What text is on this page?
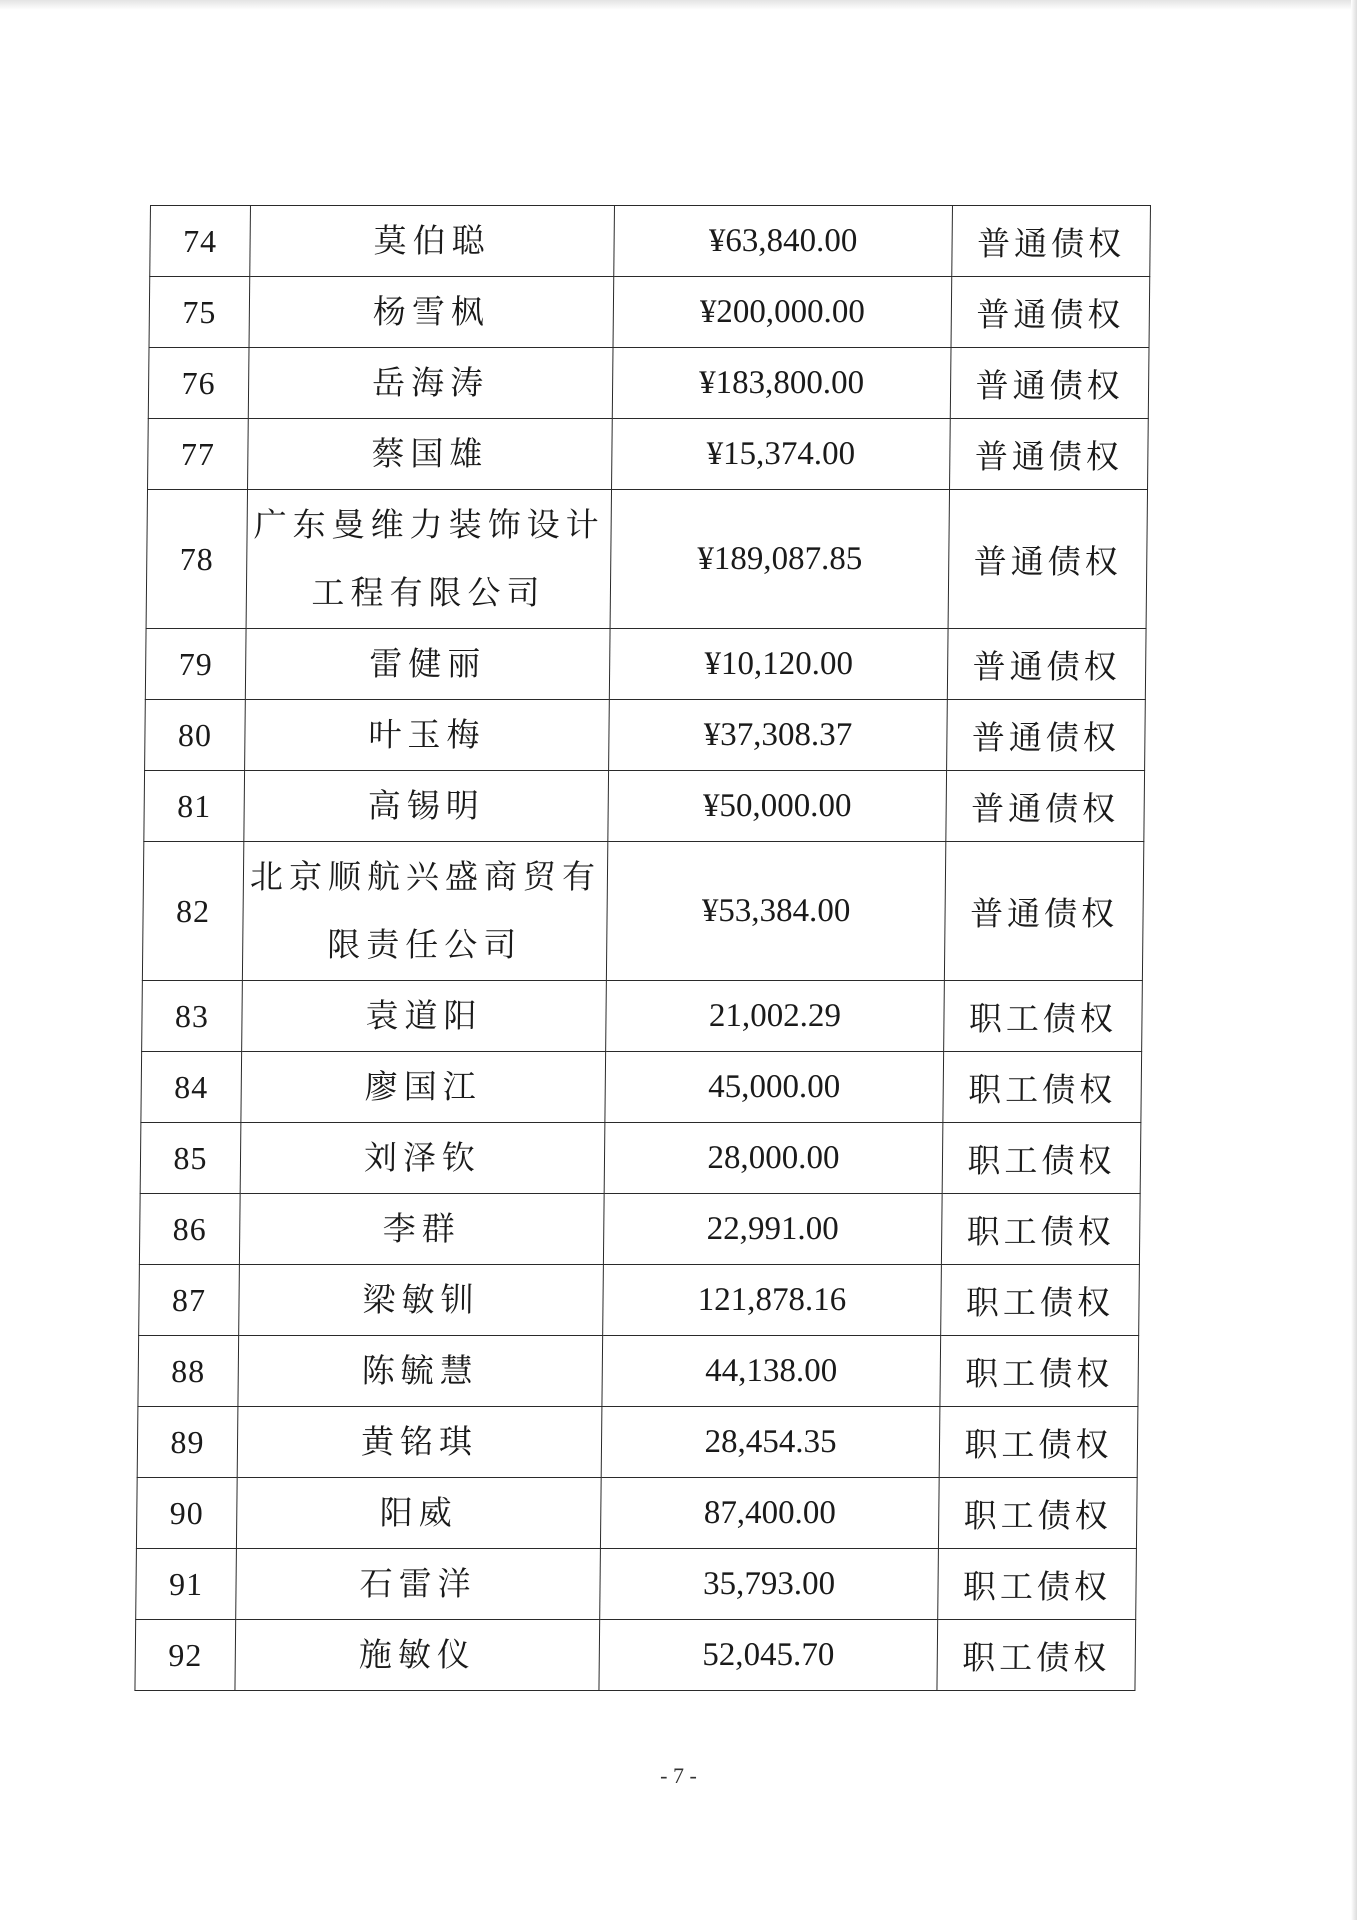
74	莫伯聪	¥63,840.00	普通债权
75	杨雪枫	¥200,000.00	普通债权
76	岳海涛	¥183,800.00	普通债权
77	蔡国雄	¥15,374.00	普通债权
78	广东曼维力装饰设计工程有限公司	¥189,087.85	普通债权
79	雷健丽	¥10,120.00	普通债权
80	叶玉梅	¥37,308.37	普通债权
81	高锡明	¥50,000.00	普通债权
82	北京顺航兴盛商贸有限责任公司	¥53,384.00	普通债权
83	袁道阳	21,002.29	职工债权
84	廖国江	45,000.00	职工债权
85	刘泽钦	28,000.00	职工债权
86	李群	22,991.00	职工债权
87	梁敏钏	121,878.16	职工债权
88	陈毓慧	44,138.00	职工债权
89	黄铭琪	28,454.35	职工债权
90	阳威	87,400.00	职工债权
91	石雷洋	35,793.00	职工债权
92	施敏仪	52,045.70	职工债权
- 7 -
